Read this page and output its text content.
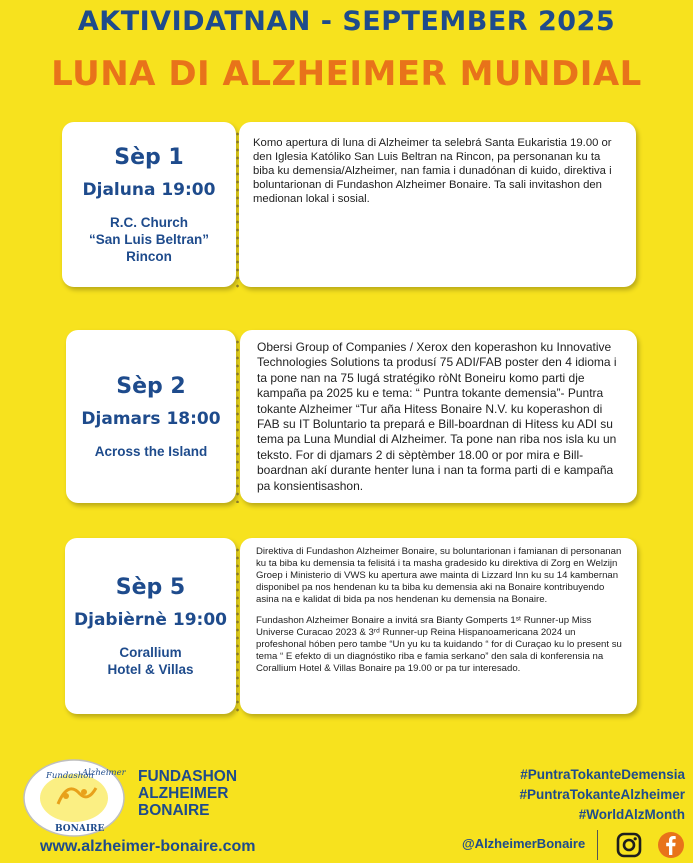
AKTIVIDATNAN - SEPTEMBER 2025
LUNA DI ALZHEIMER MUNDIAL
Sèp 1
Djaluna 19:00
R.C. Church
“San Luis Beltran”
Rincon
Komo apertura di luna di Alzheimer ta selebrá Santa Eukaristia 19.00 or den Iglesia Katóliko San Luis Beltran na Rincon, pa personanan ku ta biba ku demensia/Alzheimer, nan famia i dunadónan di kuido, direktiva i boluntarionan di Fundashon Alzheimer Bonaire. Ta sali invitashon den medionan lokal i sosial.
Sèp 2
Djamars 18:00
Across the Island
Obersi Group of Companies / Xerox den koperashon ku Innovative Technologies Solutions ta produsí 75 ADI/FAB poster den 4 idioma i ta pone nan na 75 lugá stratégiko ròNt Boneiru komo parti dje kampaña pa 2025 ku e tema: “ Puntra tokante demensia”- Puntra tokante Alzheimer “Tur aña Hitess Bonaire N.V. ku koperashon di FAB su IT Boluntario ta prepará e Bill-boardnan di Hitess ku ADI su tema pa Luna Mundial di Alzheimer. Ta pone nan riba nos isla ku un teksto. For di djamars 2 di sèptèmber 18.00 or por mira e Bill-boardnan akí durante henter luna i nan ta forma parti di e kampaña pa konsientisashon.
Sèp 5
Djabièrnè 19:00
Corallium
Hotel & Villas
Direktiva di Fundashon Alzheimer Bonaire, su boluntarionan i famianan di personanan ku ta biba ku demensia ta felisitá i ta masha gradesido ku direktiva di Zorg en Welzijn Groep i Ministerio di VWS ku apertura awe mainta di Lizzard Inn ku su 14 kambernan disponibel pa nos hendenan ku ta biba ku demensia aki na Bonaire kontribuyendo asina na e kalidat di bida pa nos hendenan ku demensia na Bonaire.
Fundashon Alzheimer Bonaire a invitá sra Bianty Gomperts 1ˢᵗ Runner-up Miss Universe Curacao 2023 & 3ʳᵈ Runner-up Reina Hispanoamericana 2024 un profeshonal hóben pero tambe “Un yu ku ta kuidando “ for di Curaçao ku lo present su tema “ E efekto di un diagnóstiko riba e famia serkano” den sala di konferensia na Corallium Hotel & Villas Bonaire pa 19.00 or pa tur interesado.
Fundashon
Alzheimer
BONAIRE
FUNDASHON
ALZHEIMER
BONAIRE
www.alzheimer-bonaire.com
#PuntraTokanteDemensia
#PuntraTokanteAlzheimer
#WorldAlzMonth
@AlzheimerBonaire
